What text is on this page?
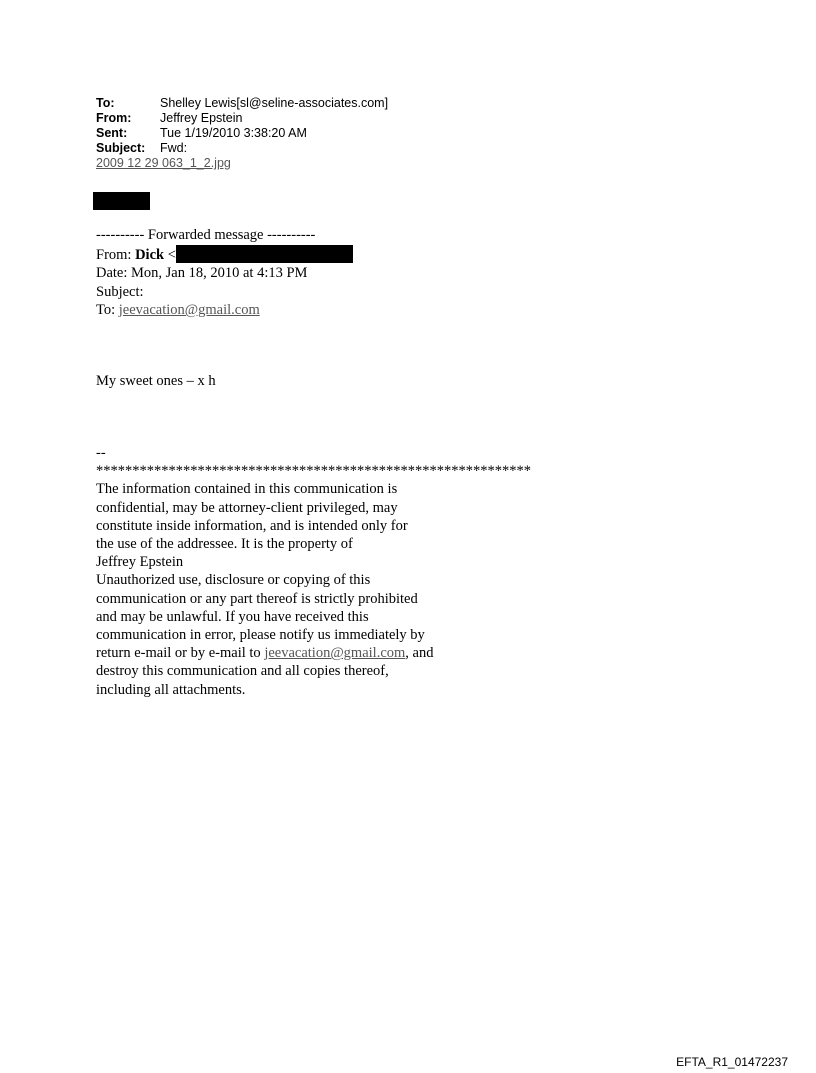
To:	Shelley Lewis[sl@seline-associates.com]
From:	Jeffrey Epstein
Sent:	Tue 1/19/2010 3:38:20 AM
Subject:	Fwd:
2009 12 29 063_1_2.jpg
---------- Forwarded message ----------
From: Dick <
Date: Mon, Jan 18, 2010 at 4:13 PM
Subject:
To: jeevacation@gmail.com
My sweet ones – x h
--
************************************************************
The information contained in this communication is
confidential, may be attorney-client privileged, may
constitute inside information, and is intended only for
the use of the addressee. It is the property of
Jeffrey Epstein
Unauthorized use, disclosure or copying of this
communication or any part thereof is strictly prohibited
and may be unlawful. If you have received this
communication in error, please notify us immediately by
return e-mail or by e-mail to jeevacation@gmail.com, and
destroy this communication and all copies thereof,
including all attachments.
EFTA_R1_01472237
